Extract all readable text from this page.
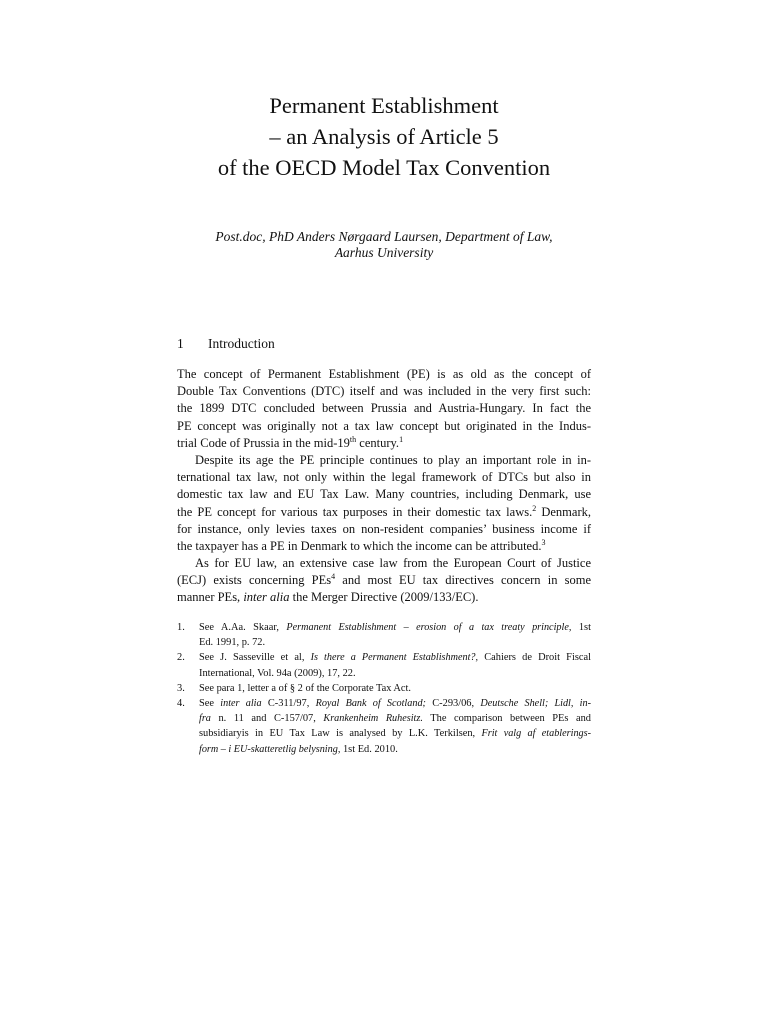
Permanent Establishment
– an Analysis of Article 5
of the OECD Model Tax Convention
Post.doc, PhD Anders Nørgaard Laursen, Department of Law,
Aarhus University
1 Introduction
The concept of Permanent Establishment (PE) is as old as the concept of
Double Tax Conventions (DTC) itself and was included in the very first such:
the 1899 DTC concluded between Prussia and Austria-Hungary. In fact the
PE concept was originally not a tax law concept but originated in the Indus-
trial Code of Prussia in the mid-19th century.$^1$
Despite its age the PE principle continues to play an important role in in-
ternational tax law, not only within the legal framework of DTCs but also in
domestic tax law and EU Tax Law. Many countries, including Denmark, use
the PE concept for various tax purposes in their domestic tax laws.$^2$ Denmark,
for instance, only levies taxes on non-resident companies’ business income if
the taxpayer has a PE in Denmark to which the income can be attributed.$^3$
As for EU law, an extensive case law from the European Court of Justice
(ECJ) exists concerning PEs$^4$ and most EU tax directives concern in some
manner PEs, inter alia the Merger Directive (2009/133/EC).
1. See A.Aa. Skaar, Permanent Establishment – erosion of a tax treaty principle, 1st
Ed. 1991, p. 72.
2. See J. Sasseville et al, Is there a Permanent Establishment?, Cahiers de Droit Fiscal
International, Vol. 94a (2009), 17, 22.
3. See para 1, letter a of § 2 of the Corporate Tax Act.
4. See inter alia C-311/97, Royal Bank of Scotland; C-293/06, Deutsche Shell; Lidl, in-
fra n. 11 and C-157/07, Krankenheim Ruhesitz. The comparison between PEs and
subsidiaryis in EU Tax Law is analysed by L.K. Terkilsen, Frit valg af etablerings-
form – i EU-skatteretlig belysning, 1st Ed. 2010.
